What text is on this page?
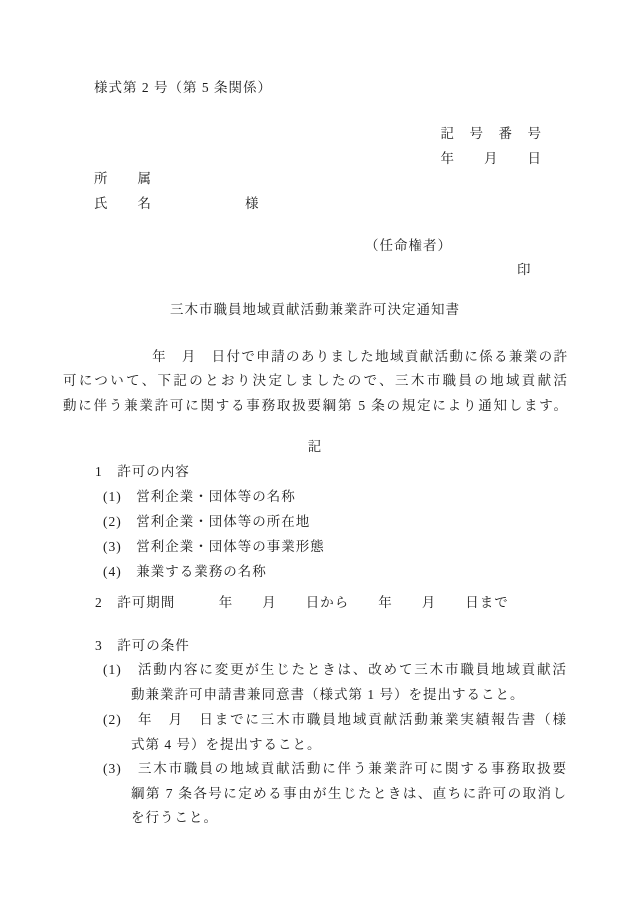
様式第 2 号（第 5 条関係）
記　号　番　号
年　　月　　日
所　　属
氏　　名	様
（任命権者）
印
三木市職員地域貢献活動兼業許可決定通知書
　　　　　　年　月　日付で申請のありました地域貢献活動に係る兼業の許
可について、下記のとおり決定しましたので、三木市職員の地域貢献活
動に伴う兼業許可に関する事務取扱要綱第 5 条の規定により通知します。
記
1　許可の内容
(1)　営利企業・団体等の名称
(2)　営利企業・団体等の所在地
(3)　営利企業・団体等の事業形態
(4)　兼業する業務の名称
2　許可期間　　　年　　月　　日から　　年　　月　　日まで
3　許可の条件
(1)　活動内容に変更が生じたときは、改めて三木市職員地域貢献活
動兼業許可申請書兼同意書（様式第 1 号）を提出すること。
(2)　年　月　日までに三木市職員地域貢献活動兼業実績報告書（様
式第 4 号）を提出すること。
(3)　三木市職員の地域貢献活動に伴う兼業許可に関する事務取扱要
綱第 7 条各号に定める事由が生じたときは、直ちに許可の取消し
を行うこと。
